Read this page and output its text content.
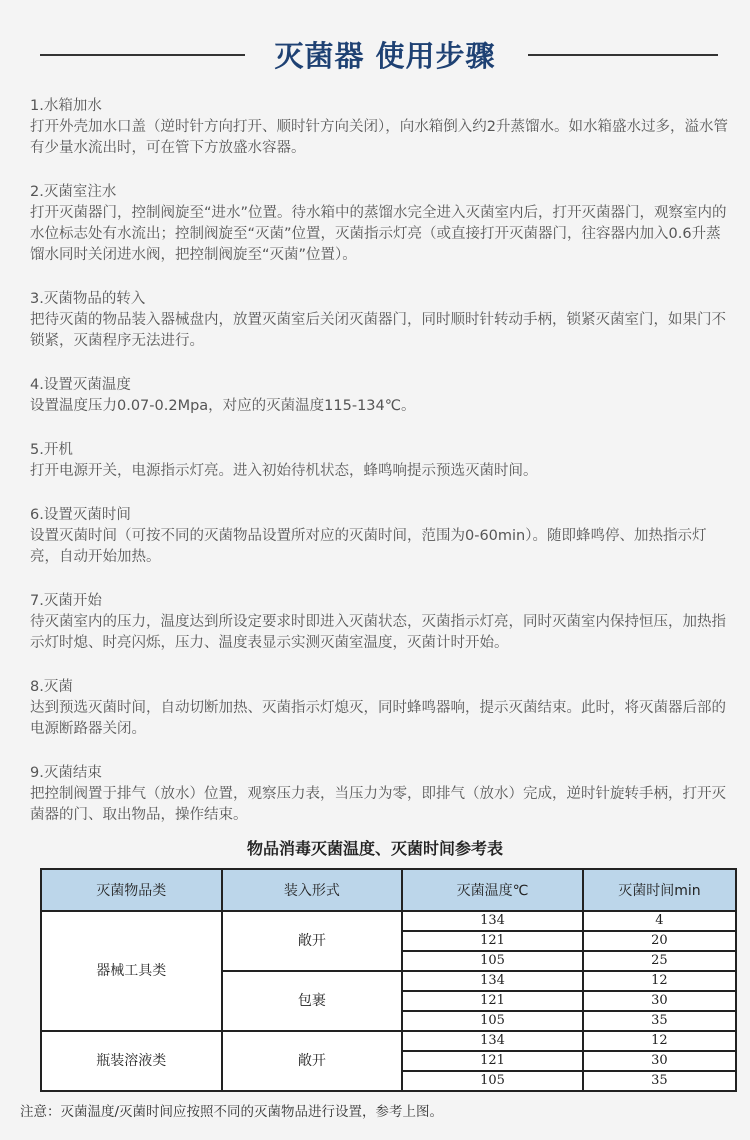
灭菌器 使用步骤
1.水箱加水
打开外壳加水口盖（逆时针方向打开、顺时针方向关闭），向水箱倒入约2升蒸馏水。如水箱盛水过多，溢水管有少量水流出时，可在管下方放盛水容器。
2.灭菌室注水
打开灭菌器门，控制阀旋至“进水”位置。待水箱中的蒸馏水完全进入灭菌室内后，打开灭菌器门，观察室内的水位标志处有水流出；控制阀旋至“灭菌”位置，灭菌指示灯亮（或直接打开灭菌器门，往容器内加入0.6升蒸馏水同时关闭进水阀，把控制阀旋至“灭菌”位置）。
3.灭菌物品的转入
把待灭菌的物品装入器械盘内，放置灭菌室后关闭灭菌器门，同时顺时针转动手柄，锁紧灭菌室门，如果门不锁紧，灭菌程序无法进行。
4.设置灭菌温度
设置温度压力0.07-0.2Mpa，对应的灭菌温度115-134℃。
5.开机
打开电源开关，电源指示灯亮。进入初始待机状态，蜂鸣响提示预选灭菌时间。
6.设置灭菌时间
设置灭菌时间（可按不同的灭菌物品设置所对应的灭菌时间，范围为0-60min）。随即蜂鸣停、加热指示灯亮，自动开始加热。
7.灭菌开始
待灭菌室内的压力，温度达到所设定要求时即进入灭菌状态，灭菌指示灯亮，同时灭菌室内保持恒压，加热指示灯时熄、时亮闪烁，压力、温度表显示实测灭菌室温度，灭菌计时开始。
8.灭菌
达到预选灭菌时间，自动切断加热、灭菌指示灯熄灭，同时蜂鸣器响，提示灭菌结束。此时，将灭菌器后部的电源断路器关闭。
9.灭菌结束
把控制阀置于排气（放水）位置，观察压力表，当压力为零，即排气（放水）完成，逆时针旋转手柄，打开灭菌器的门、取出物品，操作结束。
物品消毒灭菌温度、灭菌时间参考表
灭菌物品类	装入形式	灭菌温度℃	灭菌时间min
器械工具类	敞开	134	4
		121	20
		105	25
	包裹	134	12
		121	30
		105	35
瓶装溶液类	敞开	134	12
		121	30
		105	35
注意：灭菌温度/灭菌时间应按照不同的灭菌物品进行设置，参考上图。
